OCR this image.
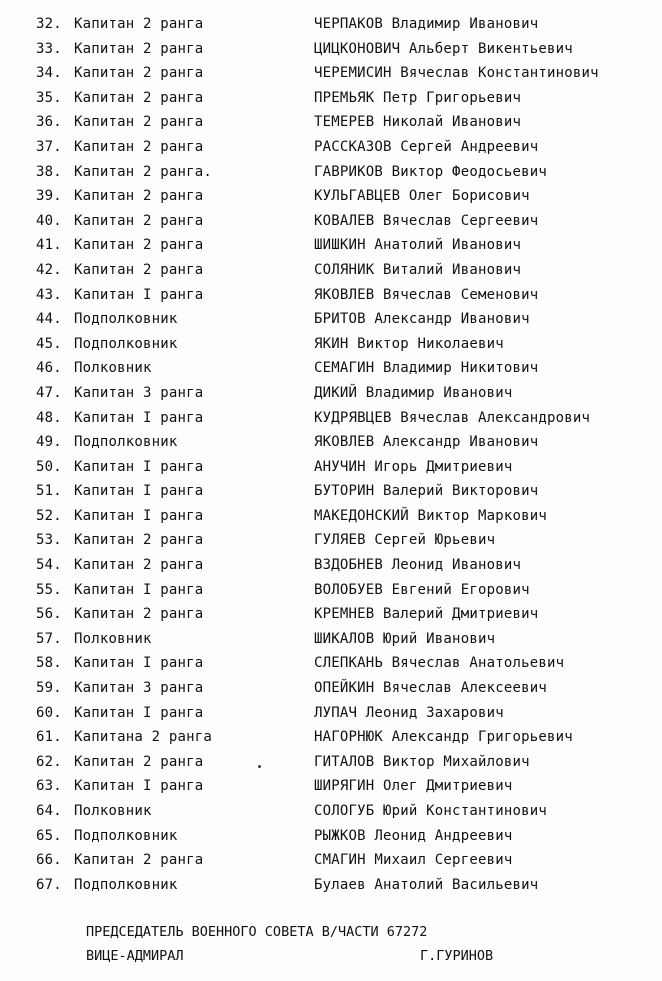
32. Капитан 2 ранга	ЧЕРПАКОВ Владимир Иванович
33. Капитан 2 ранга	ЦИЦКОНОВИЧ Альберт Викентьевич
34. Капитан 2 ранга	ЧЕРЕМИСИН Вячеслав Константинович
35. Капитан 2 ранга	ПРЕМЬЯК Петр Григорьевич
36. Капитан 2 ранга	ТЕМЕРЕВ Николай Иванович
37. Капитан 2 ранга	РАССКАЗОВ Сергей Андреевич
38. Капитан 2 ранга.	ГАВРИКОВ Виктор Феодосьевич
39. Капитан 2 ранга	КУЛЬГАВЦЕВ Олег Борисович
40. Капитан 2 ранга	КОВАЛЕВ Вячеслав Сергеевич
41. Капитан 2 ранга	ШИШКИН Анатолий Иванович
42. Капитан 2 ранга	СОЛЯНИК Виталий Иванович
43. Капитан I ранга	ЯКОВЛЕВ Вячеслав Семенович
44. Подполковник	БРИТОВ Александр Иванович
45. Подполковник	ЯКИН Виктор Николаевич
46. Полковник	СЕМАГИН Владимир Никитович
47. Капитан 3 ранга	ДИКИЙ Владимир Иванович
48. Капитан I ранга	КУДРЯВЦЕВ Вячеслав Александрович
49. Подполковник	ЯКОВЛЕВ Александр Иванович
50. Капитан I ранга	АНУЧИН Игорь Дмитриевич
51. Капитан I ранга	БУТОРИН Валерий Викторович
52. Капитан I ранга	МАКЕДОНСКИЙ Виктор Маркович
53. Капитан 2 ранга	ГУЛЯЕВ Сергей Юрьевич
54. Капитан 2 ранга	ВЗДОБНЕВ Леонид Иванович
55. Капитан I ранга	ВОЛОБУЕВ Евгений Егорович
56. Капитан 2 ранга	КРЕМНЕВ Валерий Дмитриевич
57. Полковник	ШИКАЛОВ Юрий Иванович
58. Капитан I ранга	СЛЕПКАНЬ Вячеслав Анатольевич
59. Капитан 3 ранга	ОПЕЙКИН Вячеслав Алексеевич
60. Капитан I ранга	ЛУПАЧ Леонид Захарович
61. Капитана 2 ранга	НАГОРНЮК Александр Григорьевич
62. Капитан 2 ранга	ГИТАЛОВ Виктор Михайлович
63. Капитан I ранга	ШИРЯГИН Олег Дмитриевич
64. Полковник	СОЛОГУБ Юрий Константинович
65. Подполковник	РЫЖКОВ Леонид Андреевич
66. Капитан 2 ранга	СМАГИН Михаил Сергеевич
67. Подполковник	Булаев Анатолий Васильевич
ПРЕДСЕДАТЕЛЬ ВОЕННОГО СОВЕТА В/ЧАСТИ 67272
ВИЦЕ-АДМИРАЛ	Г.ГУРИНОВ
